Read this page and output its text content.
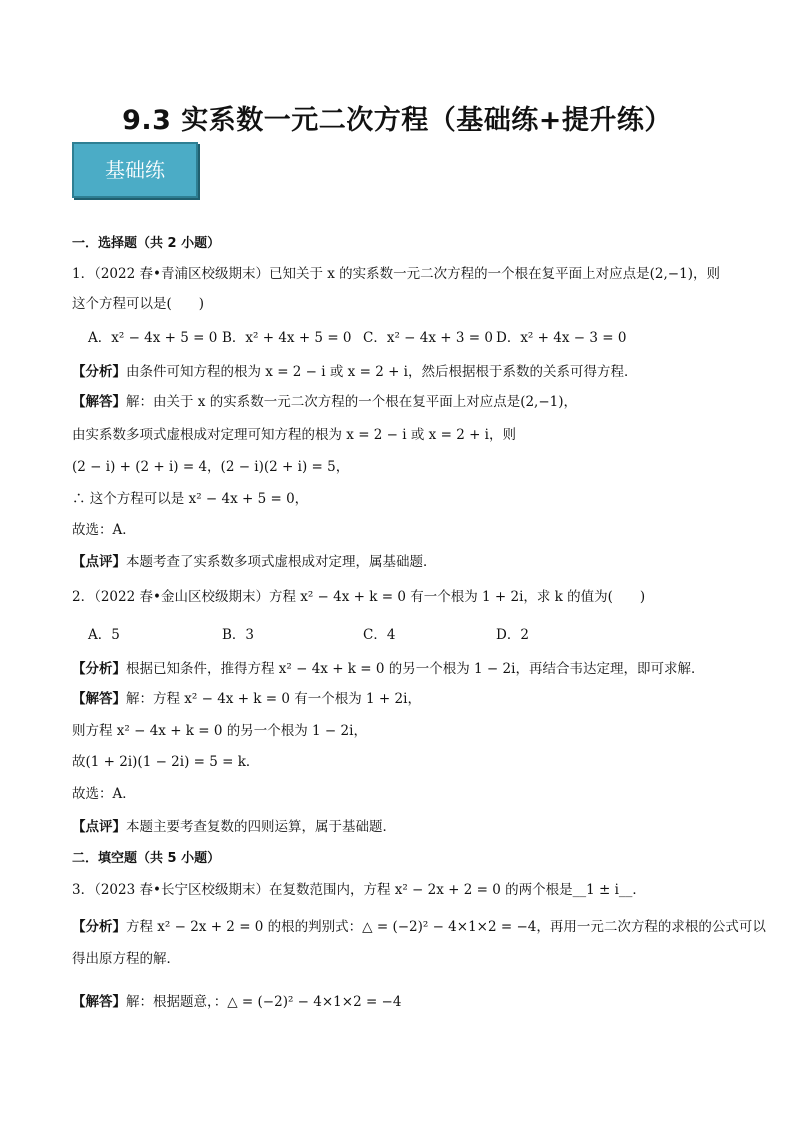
9.3 实系数一元二次方程（基础练+提升练）
基础练
一．选择题（共 2 小题）
1．（2022 春•青浦区校级期末）已知关于 x 的实系数一元二次方程的一个根在复平面上对应点是(2,−1)，则
这个方程可以是(　　)
A．x² − 4x + 5 = 0 B．x² + 4x + 5 = 0 C．x² − 4x + 3 = 0 D．x² + 4x − 3 = 0
【分析】由条件可知方程的根为 x = 2 − i 或 x = 2 + i，然后根据根于系数的关系可得方程．
【解答】解：由关于 x 的实系数一元二次方程的一个根在复平面上对应点是(2,−1)，
由实系数多项式虚根成对定理可知方程的根为 x = 2 − i 或 x = 2 + i，则
(2 − i) + (2 + i) = 4，(2 − i)(2 + i) = 5，
∴ 这个方程可以是 x² − 4x + 5 = 0，
故选：A．
【点评】本题考查了实系数多项式虚根成对定理，属基础题．
2．（2022 春•金山区校级期末）方程 x² − 4x + k = 0 有一个根为 1 + 2i，求 k 的值为(　　)
A．5	B．3	C．4	D．2
【分析】根据已知条件，推得方程 x² − 4x + k = 0 的另一个根为 1 − 2i，再结合韦达定理，即可求解．
【解答】解：方程 x² − 4x + k = 0 有一个根为 1 + 2i，
则方程 x² − 4x + k = 0 的另一个根为 1 − 2i，
故(1 + 2i)(1 − 2i) = 5 = k．
故选：A．
【点评】本题主要考查复数的四则运算，属于基础题．
二．填空题（共 5 小题）
3．（2023 春•长宁区校级期末）在复数范围内，方程 x² − 2x + 2 = 0 的两个根是__1 ± i__．
【分析】方程 x² − 2x + 2 = 0 的根的判别式：△ = (−2)² − 4×1×2 = −4，再用一元二次方程的求根的公式可以
得出原方程的解．
【解答】解：根据题意，：△ = (−2)² − 4×1×2 = −4
